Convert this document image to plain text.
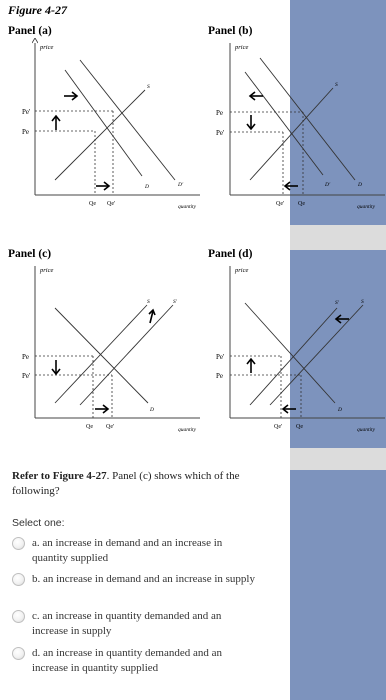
Figure 4-27
Panel (a)	Panel (b)
Panel (c)	Panel (d)
price
quantity
S
D	D'
Pe'
Pe
Qe Qe'
price
quantity
S
D'	D
Pe
Pe'
Qe' Qe
price
quantity
S	S'
D
Pe
Pe'
Qe Qe'
price
quantity
S'	S
D
Pe'
Pe
Qe' Qe
Refer to Figure 4-27. Panel (c) shows which of the following?
Select one:
a. an increase in demand and an increase in quantity supplied
b. an increase in demand and an increase in supply
c. an increase in quantity demanded and an increase in supply
d. an increase in quantity demanded and an increase in quantity supplied
